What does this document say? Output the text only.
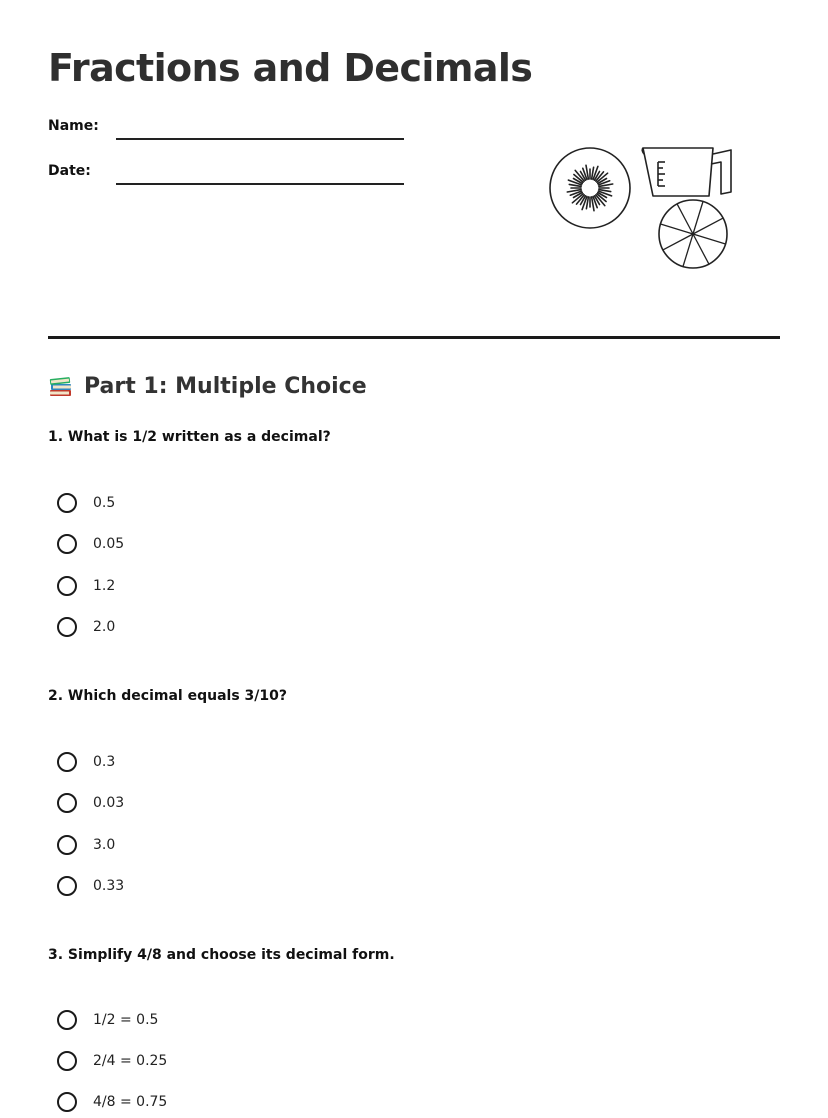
Fractions and Decimals
Name:
Date:
Part 1: Multiple Choice

1. What is 1/2 written as a decimal?

0.5
0.05
1.2
2.0

2. Which decimal equals 3/10?

0.3
0.03
3.0
0.33

3. Simplify 4/8 and choose its decimal form.

1/2 = 0.5
2/4 = 0.25
4/8 = 0.75
